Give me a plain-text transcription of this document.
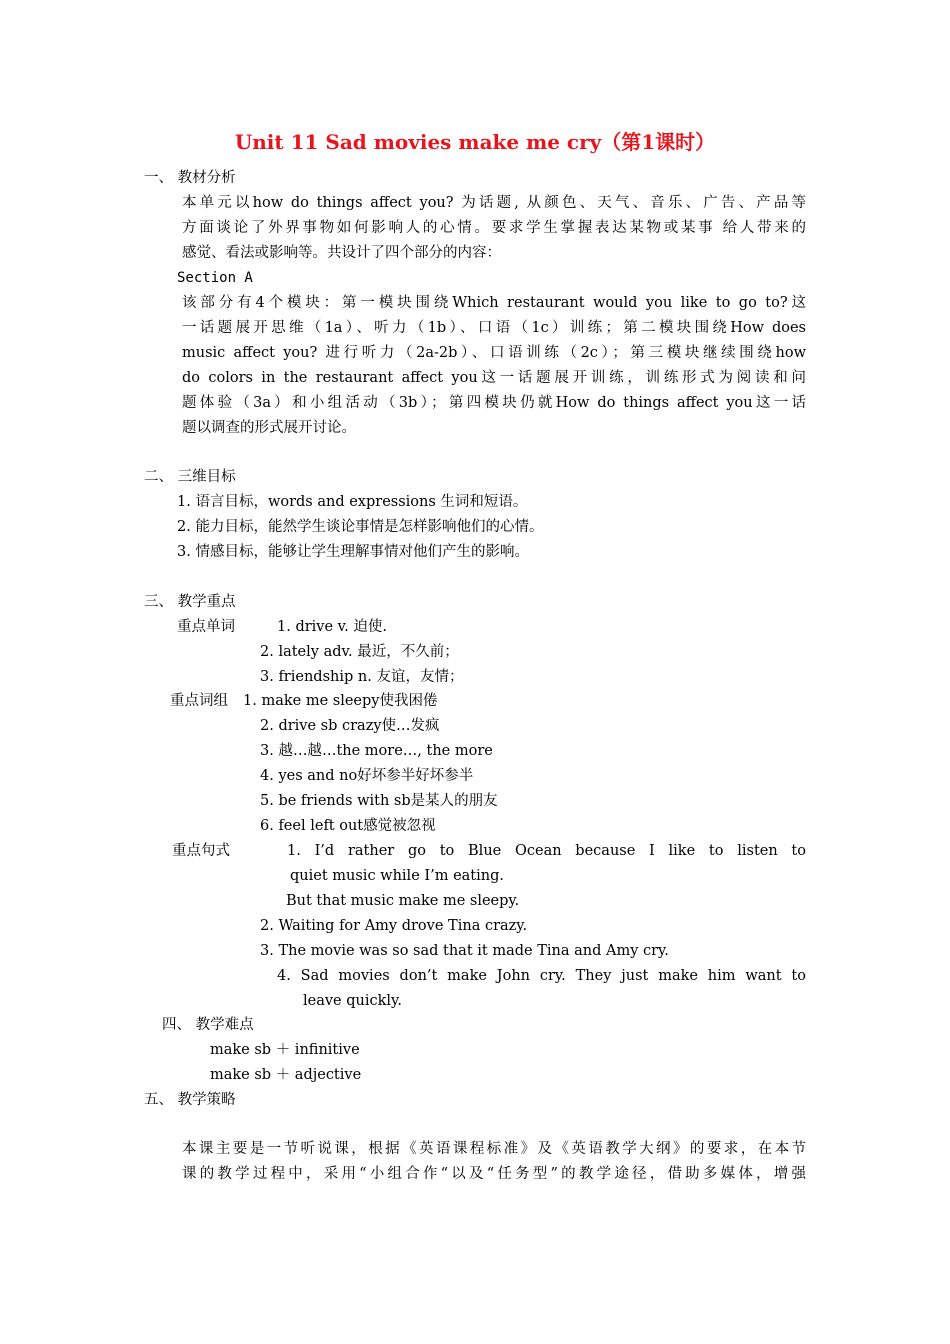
Unit 11 Sad movies make me cry（第1课时）
一、 教材分析
本单元以how do things affect you? 为话题, 从颜色、天气、音乐、广告、产品等
方面谈论了外界事物如何影响人的心情。要求学生掌握表达某物或某事 给人带来的
感觉、看法或影响等。共设计了四个部分的内容：
Section A
该部分有4个模块：第一模块围绕Which restaurant would you like to go to?这
一话题展开思维（1a）、听力（1b）、口语（1c）训练；第二模块围绕How does
music affect you? 进行听力（2a-2b）、口语训练（2c）；第三模块继续围绕how
do colors in the restaurant affect you这一话题展开训练，训练形式为阅读和问
题体验（3a）和小组活动（3b）；第四模块仍就How do things affect you这一话
题以调查的形式展开讨论。
二、 三维目标
1. 语言目标，words and expressions 生词和短语。
2. 能力目标，能然学生谈论事情是怎样影响他们的心情。
3. 情感目标，能够让学生理解事情对他们产生的影响。
三、 教学重点
重点单词	1. drive v. 迫使.
2. lately adv. 最近，不久前；
3. friendship n. 友谊，友情；
重点词组 1. make me sleepy使我困倦
2. drive sb crazy使…发疯
3. 越…越…the more…, the more
4. yes and no好坏参半好坏参半
5. be friends with sb是某人的朋友
6. feel left out感觉被忽视
重点句式	1. I’d rather go to Blue Ocean because I like to listen to
quiet music while I’m eating.
But that music make me sleepy.
2. Waiting for Amy drove Tina crazy.
3. The movie was so sad that it made Tina and Amy cry.
4. Sad movies don’t make John cry. They just make him want to
leave quickly.
四、 教学难点
make sb ＋ infinitive
make sb ＋ adjective
五、 教学策略
本课主要是一节听说课，根据《英语课程标准》及《英语教学大纲》的要求，在本节
课的教学过程中，采用“小组合作“以及“任务型”的教学途径，借助多媒体，增强
